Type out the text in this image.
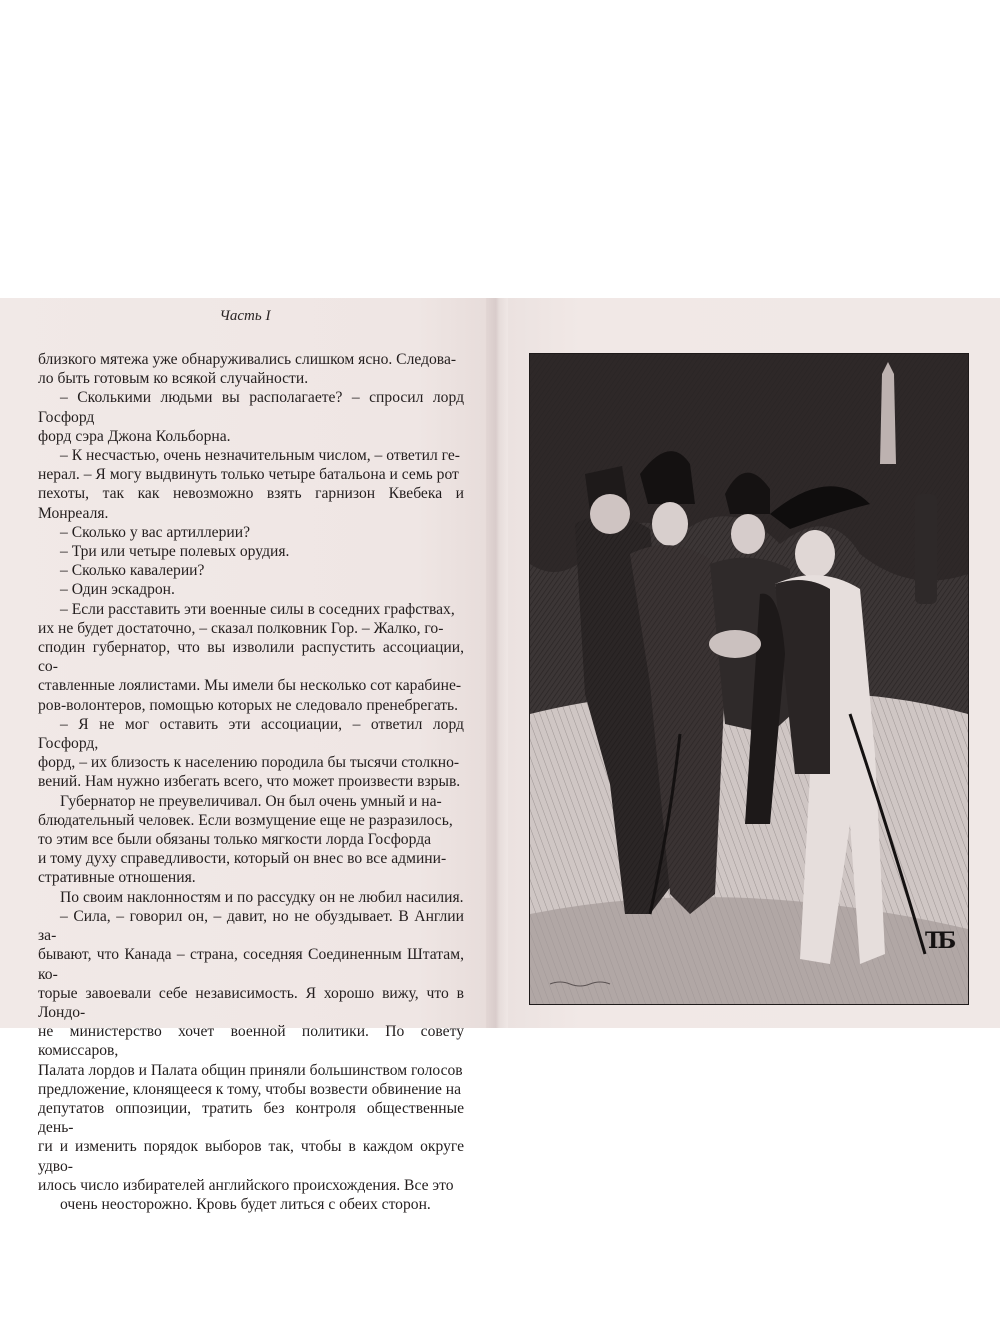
Часть I

близкого мятежа уже обнаруживались слишком ясно. Следова-

ло быть готовым ко всякой случайности.

– Сколькими людьми вы располагаете? – спросил лорд Госфорд

форд сэра Джона Кольборна.

– К несчастью, очень незначительным числом, – ответил ге-

нерал. – Я могу выдвинуть только четыре батальона и семь рот

пехоты, так как невозможно взять гарнизон Квебека и Монреаля.

– Сколько у вас артиллерии?

– Три или четыре полевых орудия.

– Сколько кавалерии?

– Один эскадрон.

– Если расставить эти военные силы в соседних графствах,

их не будет достаточно, – сказал полковник Гор. – Жалко, го-

сподин губернатор, что вы изволили распустить ассоциации, со-

ставленные лоялистами. Мы имели бы несколько сот карабине-

ров-волонтеров, помощью которых не следовало пренебрегать.

– Я не мог оставить эти ассоциации, – ответил лорд Госфорд,

форд, – их близость к населению породила бы тысячи столкно-

вений. Нам нужно избегать всего, что может произвести взрыв.

Губернатор не преувеличивал. Он был очень умный и на-

блюдательный человек. Если возмущение еще не разразилось,

то этим все были обязаны только мягкости лорда Госфорда

и тому духу справедливости, который он внес во все админи-

стративные отношения.

По своим наклонностям и по рассудку он не любил насилия.

– Сила, – говорил он, – давит, но не обуздывает. В Англии за-

бывают, что Канада – страна, соседняя Соединенным Штатам, ко-

торые завоевали себе независимость. Я хорошо вижу, что в Лондо-

не министерство хочет военной политики. По совету комиссаров,

Палата лордов и Палата общин приняли большинством голосов

предложение, клонящееся к тому, чтобы возвести обвинение на

депутатов оппозиции, тратить без контроля общественные день-

ги и изменить порядок выборов так, чтобы в каждом округе удво-

илось число избирателей английского происхождения. Все это

очень неосторожно. Кровь будет литься с обеих сторон.

ТБ
